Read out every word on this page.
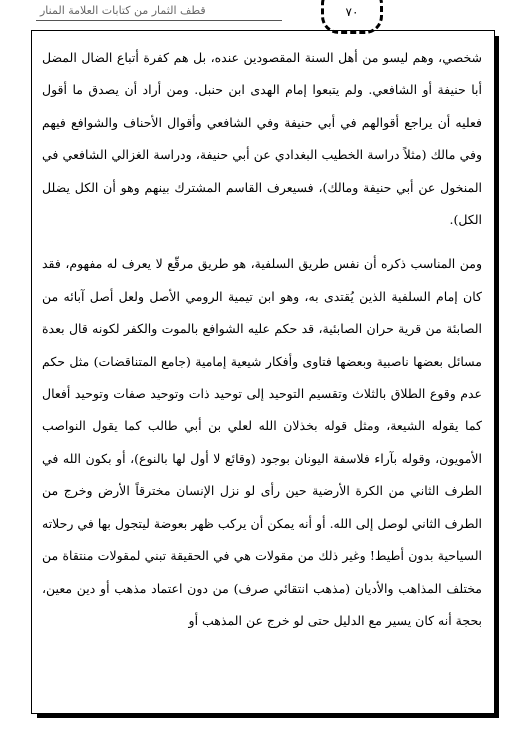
قطف الثمار من كتابات العلامة المنار	٧٠

شخصي، وهم ليسو من أهل السنة المقصودين عنده، بل هم كفرة أتباع الضال المضل أبا حنيفة أو الشافعي. ولم يتبعوا إمام الهدى ابن حنبل. ومن أراد أن يصدق ما أقول فعليه أن يراجع أقوالهم في أبي حنيفة وفي الشافعي وأقوال الأحناف والشوافع فيهم وفي مالك (مثلاً دراسة الخطيب البغدادي عن أبي حنيفة، ودراسة الغزالي الشافعي في المنخول عن أبي حنيفة ومالك)، فسيعرف القاسم المشترك بينهم وهو أن الكل يضلل الكل).

ومن المناسب ذكره أن نفس طريق السلفية، هو طريق مرقّع لا يعرف له مفهوم، فقد كان إمام السلفية الذين يُقتدى به، وهو ابن تيمية الرومي الأصل ولعل أصل آبائه من الصابئة من قرية حران الصابئية، قد حكم عليه الشوافع بالموت والكفر لكونه قال بعدة مسائل بعضها ناصبية وبعضها فتاوى وأفكار شيعية إمامية (جامع المتناقضات) مثل حكم عدم وقوع الطلاق بالثلاث وتقسيم التوحيد إلى توحيد ذات وتوحيد صفات وتوحيد أفعال كما يقوله الشيعة، ومثل قوله بخذلان الله لعلي بن أبي طالب كما يقول النواصب الأمويون، وقوله بآراء فلاسفة اليونان بوجود (وقائع لا أول لها بالنوع)، أو بكون الله في الطرف الثاني من الكرة الأرضية حين رأى لو نزل الإنسان مخترقاً الأرض وخرج من الطرف الثاني لوصل إلى الله. أو أنه يمكن أن يركب ظهر بعوضة ليتجول بها في رحلاته السياحية بدون أطيط! وغير ذلك من مقولات هي في الحقيقة تبني لمقولات منتقاة من مختلف المذاهب والأديان (مذهب انتقائي صرف) من دون اعتماد مذهب أو دين معين، بحجة أنه كان يسير مع الدليل حتى لو خرج عن المذهب أو
